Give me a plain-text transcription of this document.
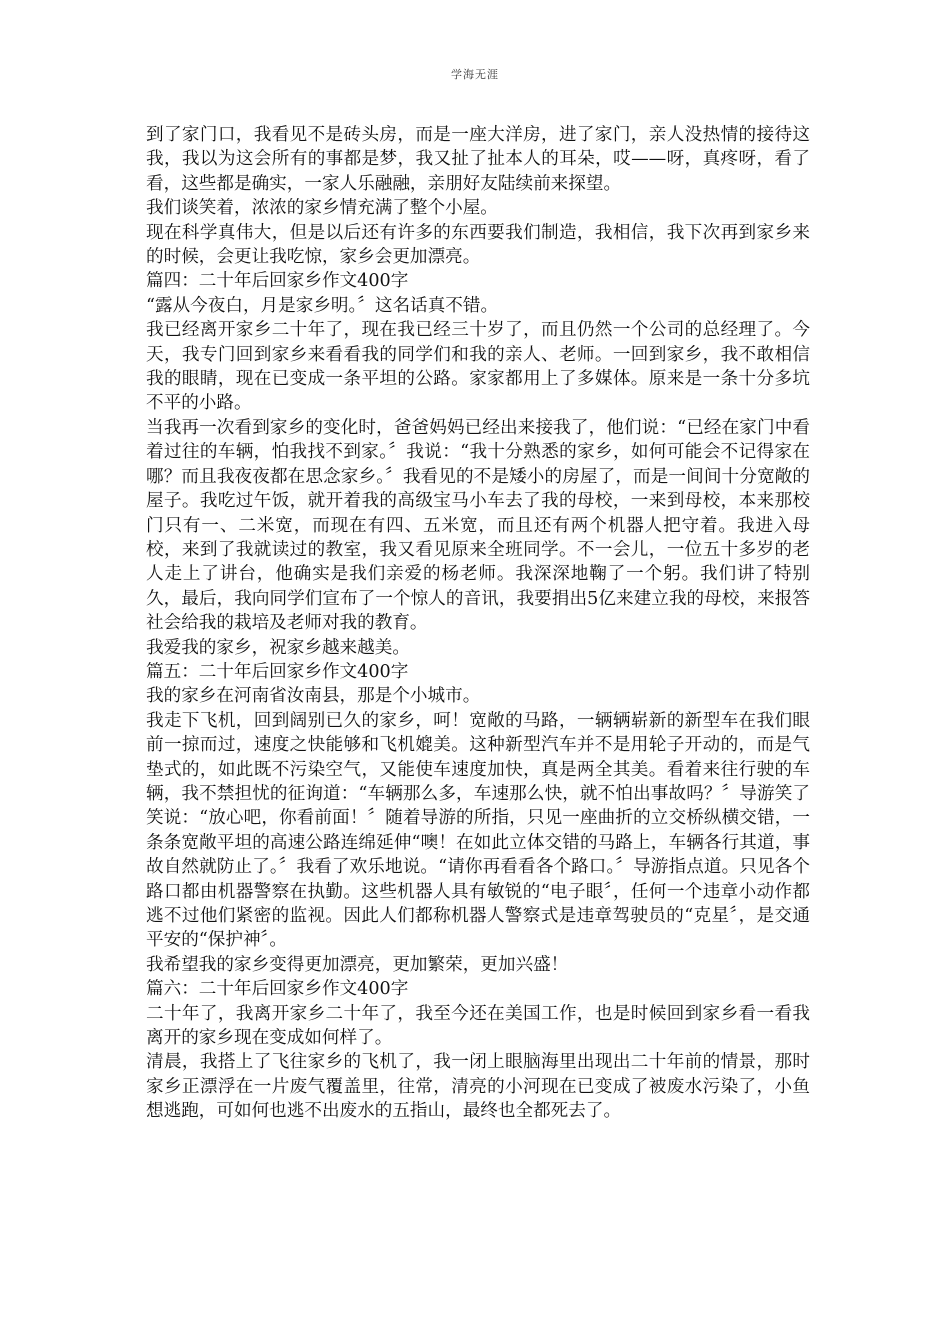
学海无涯

到了家门口，我看见不是砖头房，而是一座大洋房，进了家门，亲人没热情的接待这我，我以为这会所有的事都是梦，我又扯了扯本人的耳朵，哎——呀，真疼呀，看了看，这些都是确实，一家人乐融融，亲朋好友陆续前来探望。

我们谈笑着，浓浓的家乡情充满了整个小屋。

现在科学真伟大，但是以后还有许多的东西要我们制造，我相信，我下次再到家乡来的时候，会更让我吃惊，家乡会更加漂亮。

篇四：二十年后回家乡作文400字

“露从今夜白，月是家乡明。〞这名话真不错。

我已经离开家乡二十年了，现在我已经三十岁了，而且仍然一个公司的总经理了。今天，我专门回到家乡来看看我的同学们和我的亲人、老师。一回到家乡，我不敢相信我的眼睛，现在已变成一条平坦的公路。家家都用上了多媒体。原来是一条十分多坑不平的小路。

当我再一次看到家乡的变化时，爸爸妈妈已经出来接我了，他们说：“已经在家门中看着过往的车辆，怕我找不到家。〞我说：“我十分熟悉的家乡，如何可能会不记得家在哪？而且我夜夜都在思念家乡。〞我看见的不是矮小的房屋了，而是一间间十分宽敞的屋子。我吃过午饭，就开着我的高级宝马小车去了我的母校，一来到母校，本来那校门只有一、二米宽，而现在有四、五米宽，而且还有两个机器人把守着。我进入母校，来到了我就读过的教室，我又看见原来全班同学。不一会儿，一位五十多岁的老人走上了讲台，他确实是我们亲爱的杨老师。我深深地鞠了一个躬。我们讲了特别久，最后，我向同学们宣布了一个惊人的音讯，我要捐出5亿来建立我的母校，来报答社会给我的栽培及老师对我的教育。

我爱我的家乡，祝家乡越来越美。

篇五：二十年后回家乡作文400字

我的家乡在河南省汝南县，那是个小城市。

我走下飞机，回到阔别已久的家乡，呵！宽敞的马路，一辆辆崭新的新型车在我们眼前一掠而过，速度之快能够和飞机媲美。这种新型汽车并不是用轮子开动的，而是气垫式的，如此既不污染空气，又能使车速度加快，真是两全其美。看着来往行驶的车辆，我不禁担忧的征询道：“车辆那么多，车速那么快，就不怕出事故吗？〞导游笑了笑说：“放心吧，你看前面！〞随着导游的所指，只见一座曲折的立交桥纵横交错，一条条宽敞平坦的高速公路连绵延伸“噢！在如此立体交错的马路上，车辆各行其道，事故自然就防止了。〞我看了欢乐地说。“请你再看看各个路口。〞导游指点道。只见各个路口都由机器警察在执勤。这些机器人具有敏锐的“电子眼〞，任何一个违章小动作都逃不过他们紧密的监视。因此人们都称机器人警察式是违章驾驶员的“克星〞，是交通平安的“保护神〞。

我希望我的家乡变得更加漂亮，更加繁荣，更加兴盛！

篇六：二十年后回家乡作文400字

二十年了，我离开家乡二十年了，我至今还在美国工作，也是时候回到家乡看一看我离开的家乡现在变成如何样了。

清晨，我搭上了飞往家乡的飞机了，我一闭上眼脑海里出现出二十年前的情景，那时家乡正漂浮在一片废气覆盖里，往常，清亮的小河现在已变成了被废水污染了，小鱼想逃跑，可如何也逃不出废水的五指山，最终也全都死去了。
